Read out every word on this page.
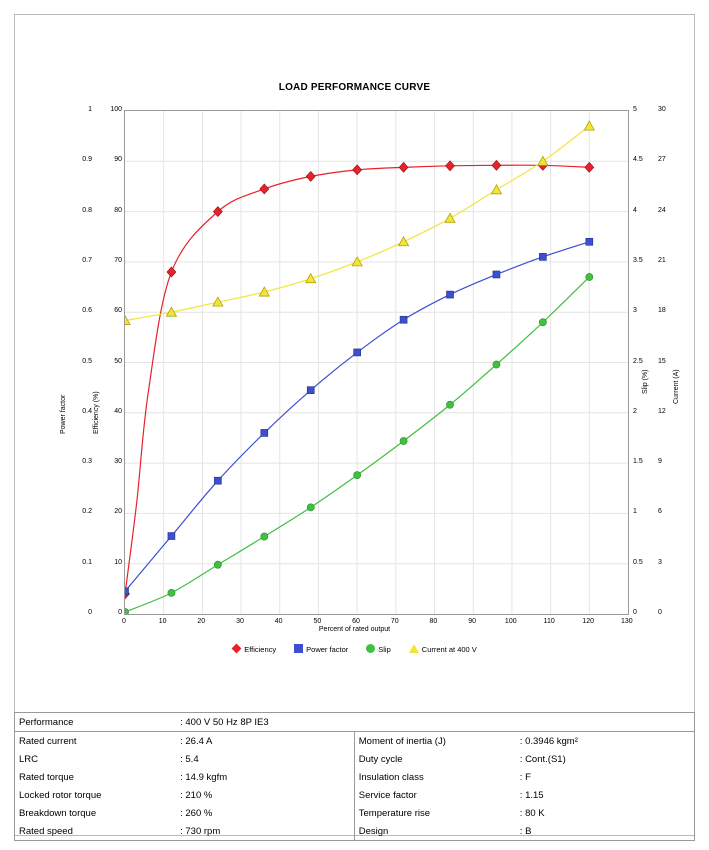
LOAD PERFORMANCE CURVE
Power factor	Efficiency (%)
Slip (%)	Current (A)
0	10	20	30	40	50	60	70	80	90	100	110	120	130
0
0.1
0.2
0.3
0.4
0.5
0.6
0.7
0.8
0.9
1
0
10
20
30
40
50
60
70
80
90
100
0
0.5
1
1.5
2
2.5
3
3.5
4
4.5
5
0
3
6
9
12
15
18
21
24
27
30
Percent of rated output
Efficiency	Power factor	Slip	Current at 400 V
Performance	: 400 V 50 Hz 8P IE3		
Rated current	: 26.4 A	Moment of inertia (J)	: 0.3946 kgm²
LRC	: 5.4	Duty cycle	: Cont.(S1)
Rated torque	: 14.9 kgfm	Insulation class	: F
Locked rotor torque	: 210 %	Service factor	: 1.15
Breakdown torque	: 260 %	Temperature rise	: 80 K
Rated speed	: 730 rpm	Design	: B
